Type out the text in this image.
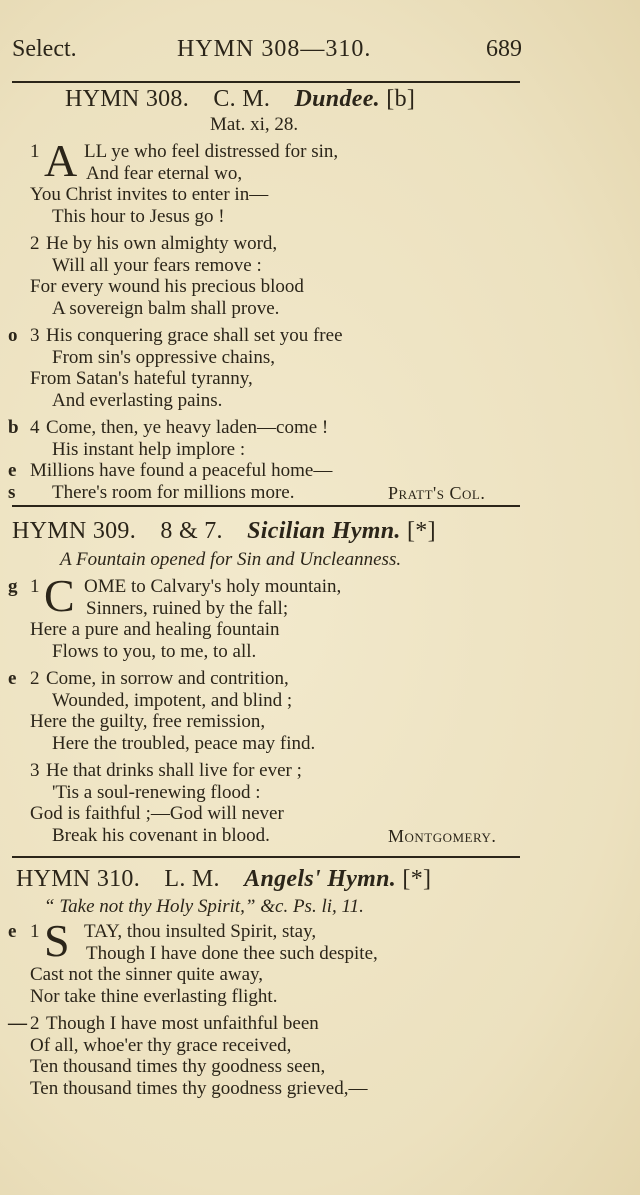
Select.	HYMN 308—310.	689
HYMN 308.  C. M.  Dundee. [b]
Mat. xi, 28.
1 A LL ye who feel distressed for sin,
And fear eternal wo,
You Christ invites to enter in—
This hour to Jesus go !
2 He by his own almighty word,
Will all your fears remove :
For every wound his precious blood
A sovereign balm shall prove.
o 3 His conquering grace shall set you free
From sin's oppressive chains,
From Satan's hateful tyranny,
And everlasting pains.
b 4 Come, then, ye heavy laden—come !
His instant help implore :
e Millions have found a peaceful home—
s There's room for millions more.	Pratt's Col.
HYMN 309.  8 & 7.  Sicilian Hymn. [*]
A Fountain opened for Sin and Uncleanness.
g 1 C OME to Calvary's holy mountain,
Sinners, ruined by the fall;
Here a pure and healing fountain
Flows to you, to me, to all.
e 2 Come, in sorrow and contrition,
Wounded, impotent, and blind ;
Here the guilty, free remission,
Here the troubled, peace may find.
3 He that drinks shall live for ever ;
'Tis a soul-renewing flood :
God is faithful ;—God will never
Break his covenant in blood.	Montgomery.
HYMN 310.  L. M.  Angels' Hymn. [*]
“ Take not thy Holy Spirit,” &c. Ps. li, 11.
e 1 S TAY, thou insulted Spirit, stay,
Though I have done thee such despite,
Cast not the sinner quite away,
Nor take thine everlasting flight.
— 2 Though I have most unfaithful been
Of all, whoe'er thy grace received,
Ten thousand times thy goodness seen,
Ten thousand times thy goodness grieved,—
